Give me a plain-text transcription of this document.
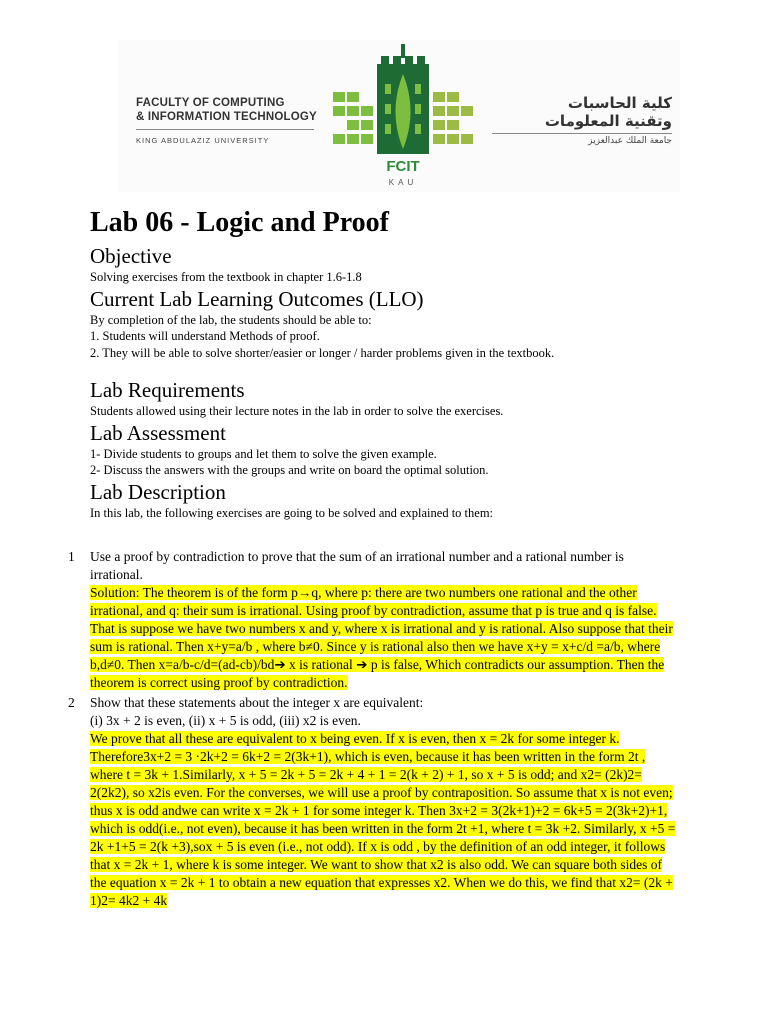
FACULTY OF COMPUTING
& INFORMATION TECHNOLOGY
KING ABDULAZIZ UNIVERSITY
FCIT
KAU
كلية الحاسبات
وتقنية المعلومات
جامعة الملك عبدالعزيز
Lab 06 - Logic and Proof
Objective

Solving exercises from the textbook in chapter 1.6-1.8

Current Lab Learning Outcomes (LLO)

By completion of the lab, the students should be able to:

1. Students will understand Methods of proof.

2. They will be able to solve shorter/easier or longer / harder problems given in the textbook.

Lab Requirements

Students allowed using their lecture notes in the lab in order to solve the exercises.

Lab Assessment

1- Divide students to groups and let them to solve the given example.

2- Discuss the answers with the groups and write on board the optimal solution.

Lab Description

In this lab, the following exercises are going to be solved and explained to them:

1 Use a proof by contradiction to prove that the sum of an irrational number and a rational number is irrational.
Solution: The theorem is of the form p→q, where p: there are two numbers one rational and the other irrational, and q: their sum is irrational. Using proof by contradiction, assume that p is true and q is false. That is suppose we have two numbers x and y, where x is irrational and y is rational. Also suppose that their sum is rational. Then x+y=a/b , where b≠0. Since y is rational also then we have x+y = x+c/d =a/b, where b,d≠0. Then x=a/b-c/d=(ad-cb)/bd➔ x is rational ➔ p is false, Which contradicts our assumption. Then the theorem is correct using proof by contradiction.
2 Show that these statements about the integer x are equivalent:
(i) 3x + 2 is even, (ii) x + 5 is odd, (iii) x2 is even.
We prove that all these are equivalent to x being even. If x is even, then x = 2k for some integer k. Therefore3x+2 = 3 ·2k+2 = 6k+2 = 2(3k+1), which is even, because it has been written in the form 2t , where t = 3k + 1.Similarly, x + 5 = 2k + 5 = 2k + 4 + 1 = 2(k + 2) + 1, so x + 5 is odd; and x2= (2k)2= 2(2k2), so x2is even. For the converses, we will use a proof by contraposition. So assume that x is not even; thus x is odd andwe can write x = 2k + 1 for some integer k. Then 3x+2 = 3(2k+1)+2 = 6k+5 = 2(3k+2)+1, which is odd(i.e., not even), because it has been written in the form 2t +1, where t = 3k +2. Similarly, x +5 = 2k +1+5 = 2(k +3),sox + 5 is even (i.e., not odd). If x is odd , by the definition of an odd integer, it follows that x = 2k + 1, where k is some integer. We want to show that x2 is also odd. We can square both sides of the equation x = 2k + 1 to obtain a new equation that expresses x2. When we do this, we find that x2= (2k + 1)2= 4k2 + 4k
